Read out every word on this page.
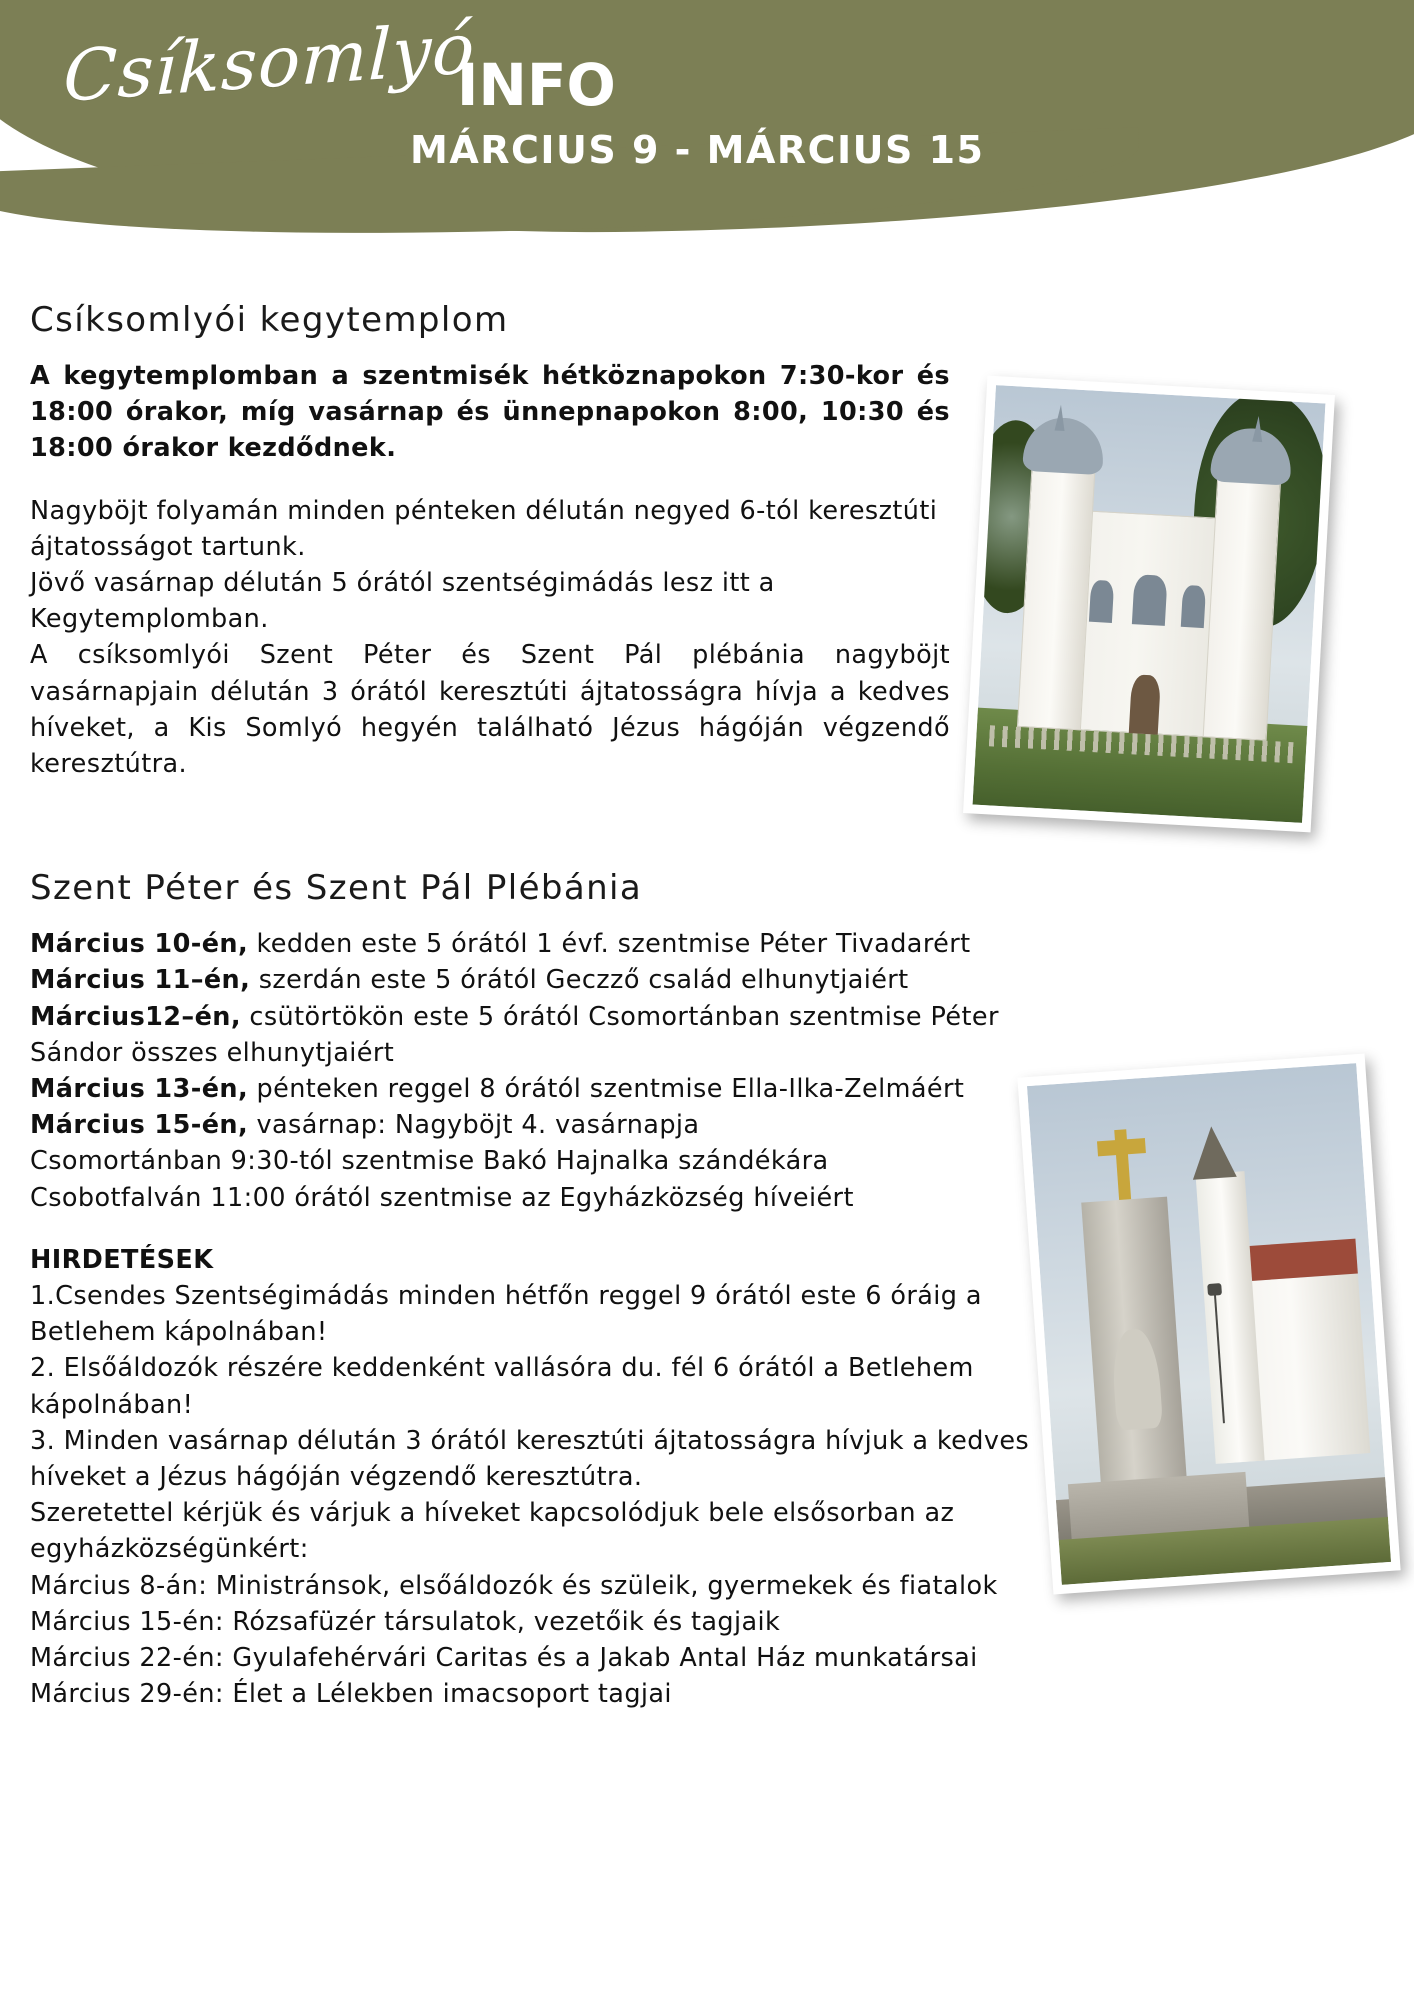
Csíksomlyó
INFO
MÁRCIUS 9 - MÁRCIUS 15
Csíksomlyói kegytemplom

A kegytemplomban a szentmisék hétköznapokon 7:30-kor és 18:00 órakor, míg vasárnap és ünnepnapokon 8:00, 10:30 és 18:00 órakor kezdődnek.

Nagyböjt folyamán minden pénteken délután negyed 6-tól keresztúti ájtatosságot tartunk.

Jövő vasárnap délután 5 órától szentségimádás lesz itt a Kegytemplomban.

A csíksomlyói Szent Péter és Szent Pál plébánia nagyböjt vasárnapjain délután 3 órától keresztúti ájtatosságra hívja a kedves híveket, a Kis Somlyó hegyén található Jézus hágóján végzendő keresztútra.

Szent Péter és Szent Pál Plébánia

Március 10-én, kedden este 5 órától 1 évf. szentmise Péter Tivadarért

Március 11–én, szerdán este 5 órától Geczző család elhunytjaiért

Március12–én, csütörtökön este 5 órától Csomortánban szentmise Péter Sándor összes elhunytjaiért

Március 13-én, pénteken reggel 8 órától szentmise Ella-Ilka-Zelmáért

Március 15-én, vasárnap: Nagyböjt 4. vasárnapja

Csomortánban 9:30-tól szentmise Bakó Hajnalka szándékára

Csobotfalván 11:00 órától szentmise az Egyházközség híveiért

HIRDETÉSEK

1.Csendes Szentségimádás minden hétfőn reggel 9 órától este 6 óráig a Betlehem kápolnában!

2. Elsőáldozók részére keddenként vallásóra du. fél 6 órától a Betlehem kápolnában!

3. Minden vasárnap délután 3 órától keresztúti ájtatosságra hívjuk a kedves híveket a Jézus hágóján végzendő keresztútra.

Szeretettel kérjük és várjuk a híveket kapcsolódjuk bele elsősorban az egyházközségünkért:

Március 8-án: Ministránsok, elsőáldozók és szüleik, gyermekek és fiatalok

Március 15-én: Rózsafüzér társulatok, vezetőik és tagjaik

Március 22-én: Gyulafehérvári Caritas és a Jakab Antal Ház munkatársai

Március 29-én: Élet a Lélekben imacsoport tagjai
